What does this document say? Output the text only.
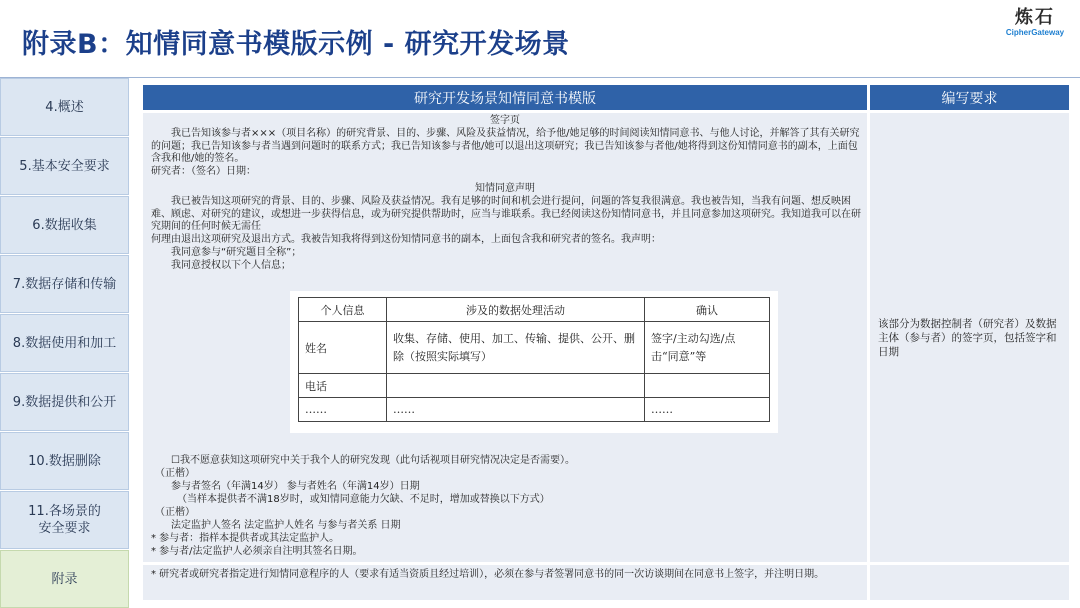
附录B：知情同意书模版示例 - 研究开发场景
炼石
CipherGateway
4.概述
5.基本安全要求
6.数据收集
7.数据存储和传输
8.数据使用和加工
9.数据提供和公开
10.数据删除
11.各场景的安全要求
附录
研究开发场景知情同意书模版	编写要求
签字页
我已告知该参与者×××（项目名称）的研究背景、目的、步骤、风险及获益情况，给予他/她足够的时间阅读知情同意书、与他人讨论，并解答了其有关研究的问题；我已告知该参与者当遇到问题时的联系方式；我已告知该参与者他/她可以退出这项研究；我已告知该参与者他/她将得到这份知情同意书的副本，上面包含我和他/她的签名。
研究者：（签名）日期：
知情同意声明
我已被告知这项研究的背景、目的、步骤、风险及获益情况。我有足够的时间和机会进行提问，问题的答复我很满意。我也被告知，当我有问题、想反映困难、顾虑、对研究的建议，或想进一步获得信息，或为研究提供帮助时，应当与谁联系。我已经阅读这份知情同意书，并且同意参加这项研究。我知道我可以在研究期间的任何时候无需任
何理由退出这项研究及退出方式。我被告知我将得到这份知情同意书的副本，上面包含我和研究者的签名。我声明：
我同意参与“研究题目全称”；
我同意授权以下个人信息；
个人信息	涉及的数据处理活动	确认
姓名	收集、存储、使用、加工、传输、提供、公开、删除（按照实际填写）	签字/主动勾选/点击“同意”等
电话		
……	……	……
☐我不愿意获知这项研究中关于我个人的研究发现（此句话视项目研究情况决定是否需要）。
（正楷）
参与者签名（年满14岁） 参与者姓名（年满14岁）日期
（当样本提供者不满18岁时，或知情同意能力欠缺、不足时，增加或替换以下方式）
（正楷）
法定监护人签名 法定监护人姓名 与参与者关系 日期
* 参与者：指样本提供者或其法定监护人。
* 参与者/法定监护人必须亲自注明其签名日期。
该部分为数据控制者（研究者）及数据主体（参与者）的签字页，包括签字和日期
* 研究者或研究者指定进行知情同意程序的人（要求有适当资质且经过培训），必须在参与者签署同意书的同一次访谈期间在同意书上签字，并注明日期。
